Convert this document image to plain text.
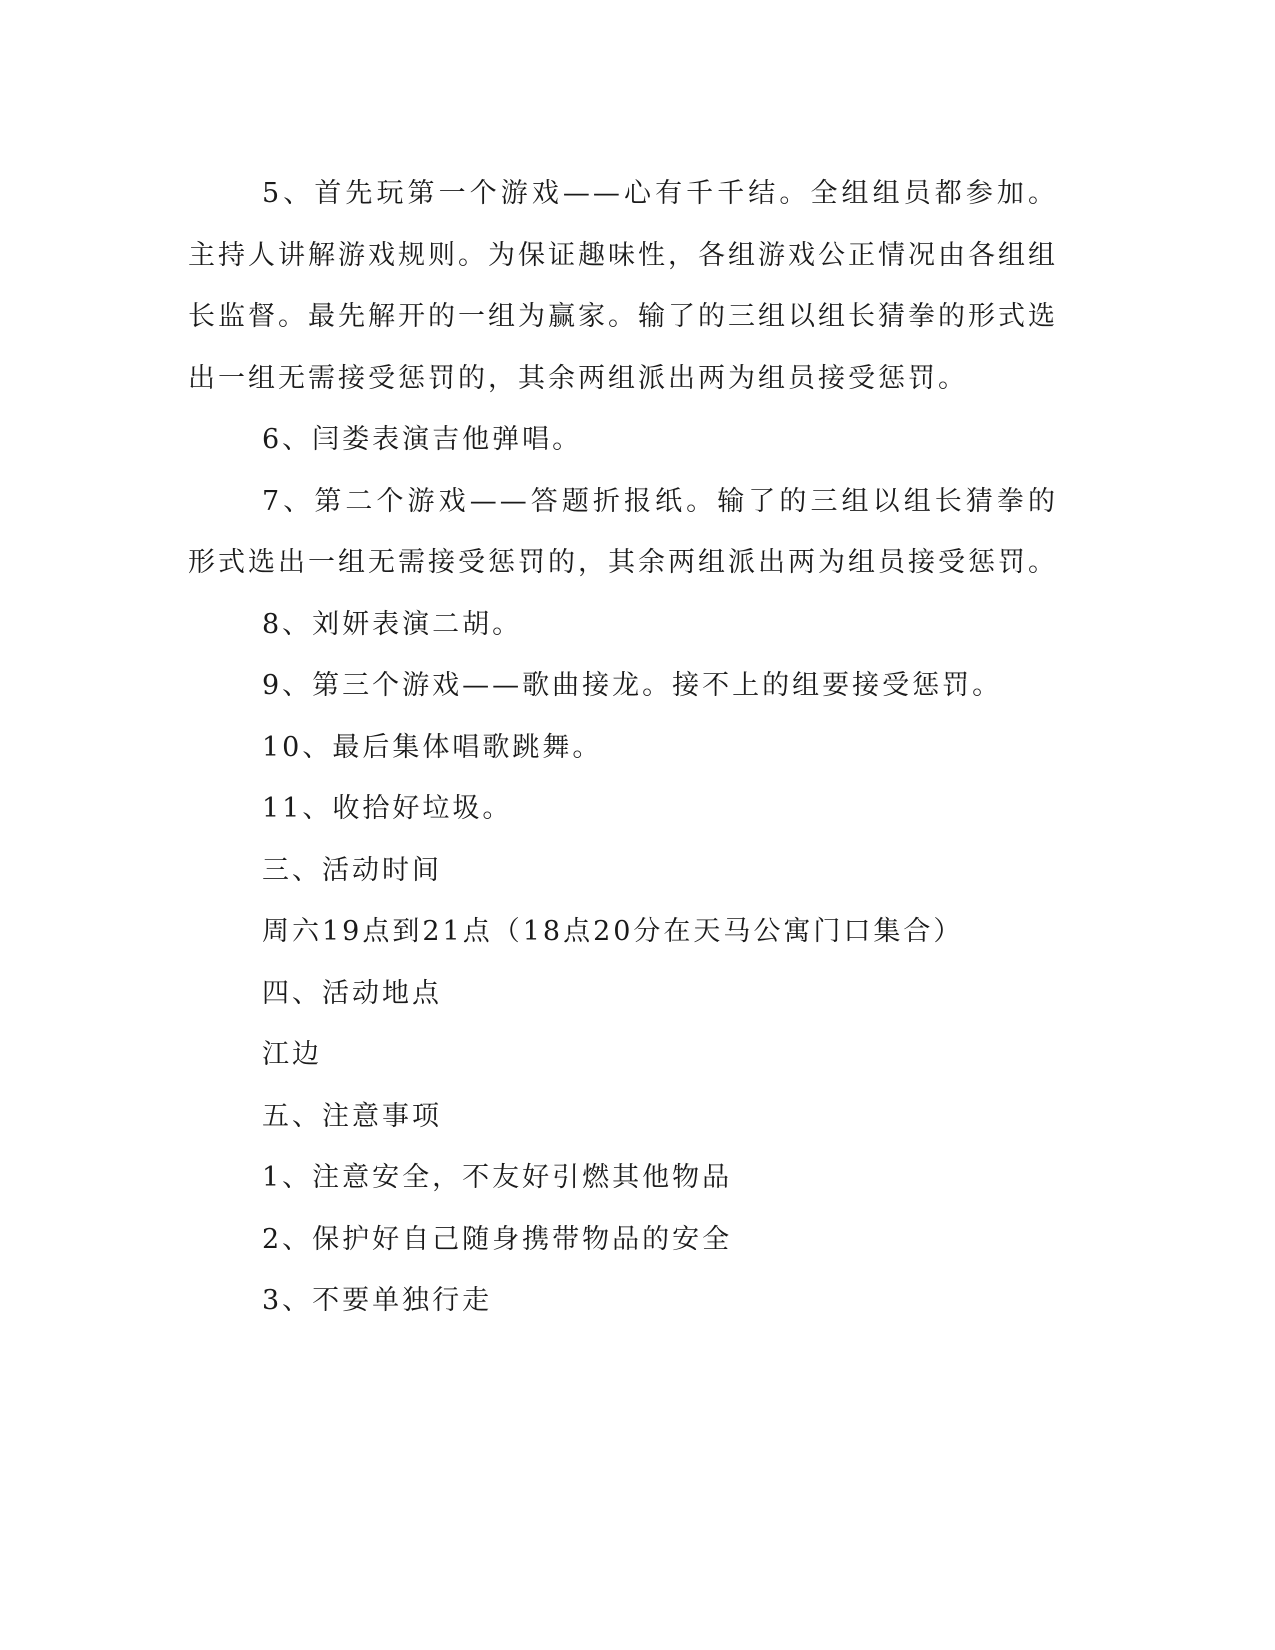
5、首先玩第一个游戏——心有千千结。全组组员都参加。主持人讲解游戏规则。为保证趣味性，各组游戏公正情况由各组组长监督。最先解开的一组为赢家。输了的三组以组长猜拳的形式选出一组无需接受惩罚的，其余两组派出两为组员接受惩罚。

6、闫娄表演吉他弹唱。

7、第二个游戏——答题折报纸。输了的三组以组长猜拳的形式选出一组无需接受惩罚的，其余两组派出两为组员接受惩罚。

8、刘妍表演二胡。

9、第三个游戏——歌曲接龙。接不上的组要接受惩罚。

10、最后集体唱歌跳舞。

11、收拾好垃圾。

三、活动时间

周六19点到21点（18点20分在天马公寓门口集合）

四、活动地点

江边

五、注意事项

1、注意安全，不友好引燃其他物品

2、保护好自己随身携带物品的安全

3、不要单独行走
